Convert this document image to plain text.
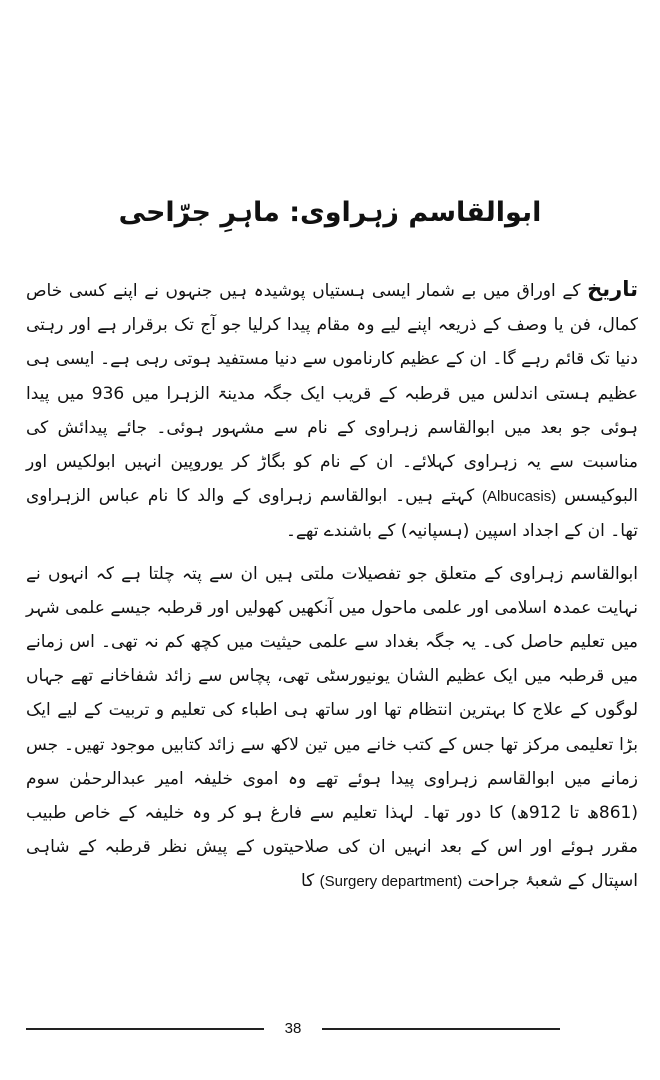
ابوالقاسم زہراوی: ماہرِ جرّاحی

تاریخ کے اوراق میں بے شمار ایسی ہستیاں پوشیدہ ہیں جنہوں نے اپنے کسی خاص کمال، فن یا وصف کے ذریعہ اپنے لیے وہ مقام پیدا کرلیا جو آج تک برقرار ہے اور رہتی دنیا تک قائم رہے گا۔ ان کے عظیم کارناموں سے دنیا مستفید ہوتی رہی ہے۔ ایسی ہی عظیم ہستی اندلس میں قرطبہ کے قریب ایک جگہ مدینۃ الزہرا میں 936 میں پیدا ہوئی جو بعد میں ابوالقاسم زہراوی کے نام سے مشہور ہوئی۔ جائے پیدائش کی مناسبت سے یہ زہراوی کہلائے۔ ان کے نام کو بگاڑ کر یوروپین انہیں ابولکیس اور البوکیسس (Albucasis) کہتے ہیں۔ ابوالقاسم زہراوی کے والد کا نام عباس الزہراوی تھا۔ ان کے اجداد اسپین (ہسپانیہ) کے باشندے تھے۔

ابوالقاسم زہراوی کے متعلق جو تفصیلات ملتی ہیں ان سے پتہ چلتا ہے کہ انہوں نے نہایت عمدہ اسلامی اور علمی ماحول میں آنکھیں کھولیں اور قرطبہ جیسے علمی شہر میں تعلیم حاصل کی۔ یہ جگہ بغداد سے علمی حیثیت میں کچھ کم نہ تھی۔ اس زمانے میں قرطبہ میں ایک عظیم الشان یونیورسٹی تھی، پچاس سے زائد شفاخانے تھے جہاں لوگوں کے علاج کا بہترین انتظام تھا اور ساتھ ہی اطباء کی تعلیم و تربیت کے لیے ایک بڑا تعلیمی مرکز تھا جس کے کتب خانے میں تین لاکھ سے زائد کتابیں موجود تھیں۔ جس زمانے میں ابوالقاسم زہراوی پیدا ہوئے تھے وہ اموی خلیفہ امیر عبدالرحمٰن سوم (861ھ تا 912ھ) کا دور تھا۔ لہذا تعلیم سے فارغ ہو کر وہ خلیفہ کے خاص طبیب مقرر ہوئے اور اس کے بعد انہیں ان کی صلاحیتوں کے پیش نظر قرطبہ کے شاہی اسپتال کے شعبۂ جراحت (Surgery department) کا

38
